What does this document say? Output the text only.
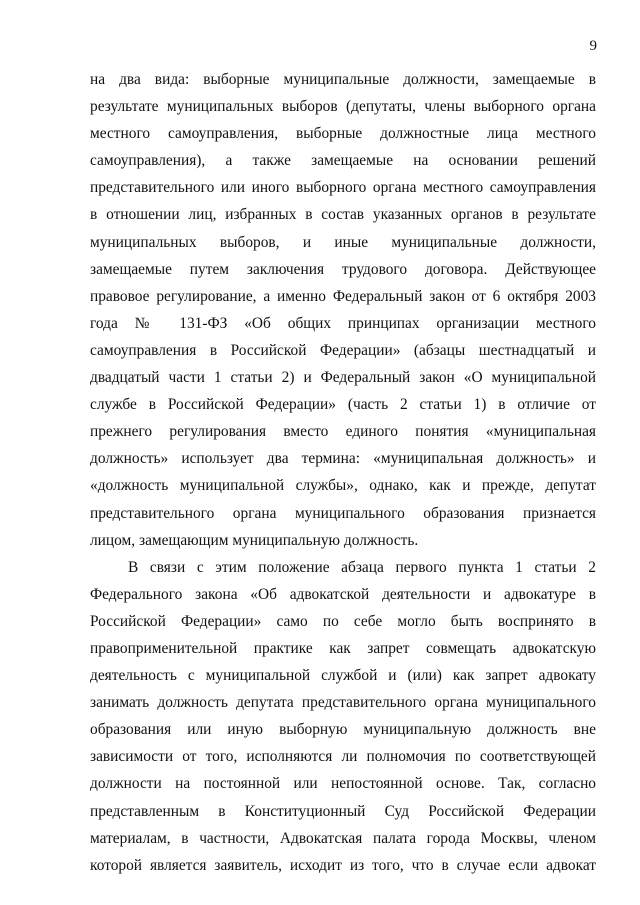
9
на два вида: выборные муниципальные должности, замещаемые в
результате муниципальных выборов (депутаты, члены выборного органа
местного самоуправления, выборные должностные лица местного
самоуправления), а также замещаемые на основании решений
представительного или иного выборного органа местного самоуправления
в отношении лиц, избранных в состав указанных органов в результате
муниципальных выборов, и иные муниципальные должности,
замещаемые путем заключения трудового договора. Действующее
правовое регулирование, а именно Федеральный закон от 6 октября 2003
года № 131-ФЗ «Об общих принципах организации местного
самоуправления в Российской Федерации» (абзацы шестнадцатый и
двадцатый части 1 статьи 2) и Федеральный закон «О муниципальной
службе в Российской Федерации» (часть 2 статьи 1) в отличие от
прежнего регулирования вместо единого понятия «муниципальная
должность» использует два термина: «муниципальная должность» и
«должность муниципальной службы», однако, как и прежде, депутат
представительного органа муниципального образования признается
лицом, замещающим муниципальную должность.
В связи с этим положение абзаца первого пункта 1 статьи 2
Федерального закона «Об адвокатской деятельности и адвокатуре в
Российской Федерации» само по себе могло быть воспринято в
правоприменительной практике как запрет совмещать адвокатскую
деятельность с муниципальной службой и (или) как запрет адвокату
занимать должность депутата представительного органа муниципального
образования или иную выборную муниципальную должность вне
зависимости от того, исполняются ли полномочия по соответствующей
должности на постоянной или непостоянной основе. Так, согласно
представленным в Конституционный Суд Российской Федерации
материалам, в частности, Адвокатская палата города Москвы, членом
которой является заявитель, исходит из того, что в случае если адвокат
